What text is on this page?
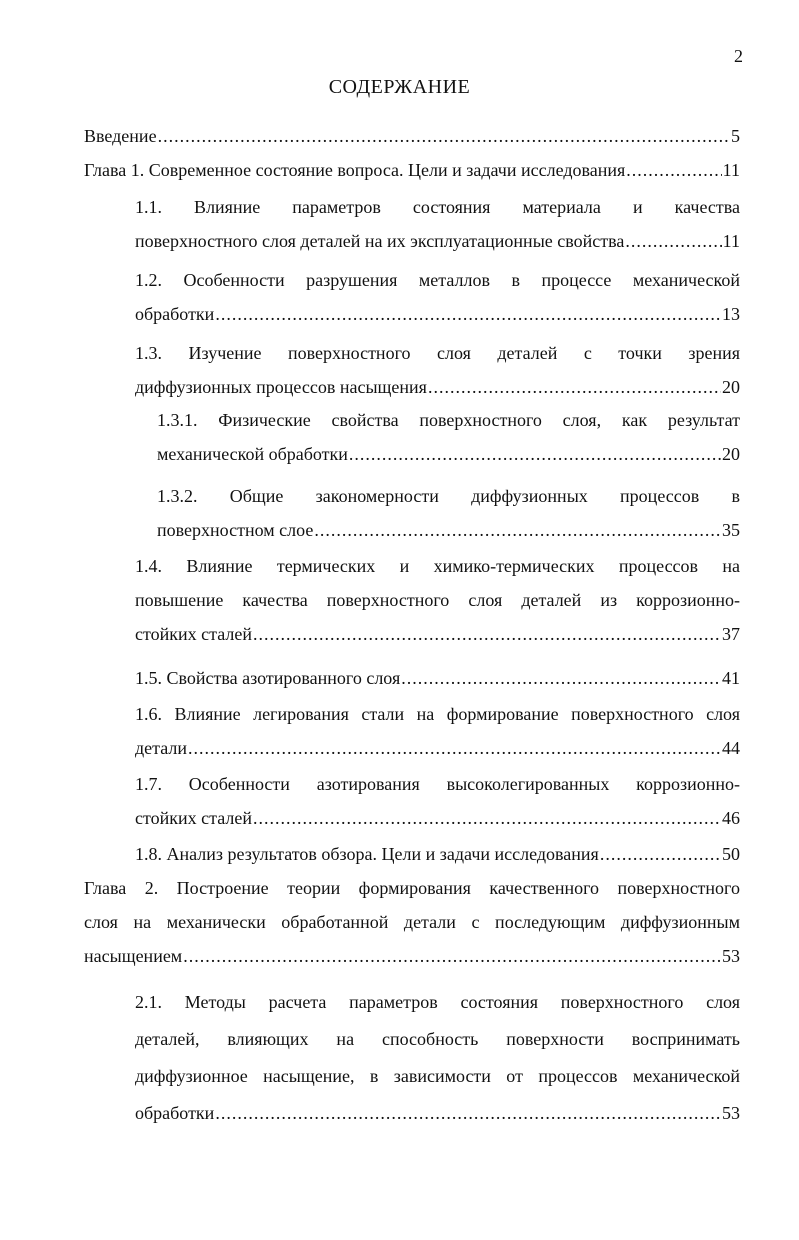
2
СОДЕРЖАНИЕ
Введение .....	5
Глава 1. Современное состояние вопроса. Цели и задачи исследования .....	11
1.1. Влияние параметров состояния материала и качества
поверхностного слоя деталей на их эксплуатационные свойства .....	11
1.2. Особенности разрушения металлов в процессе механической
обработки .....	13
1.3. Изучение поверхностного слоя деталей с точки зрения
диффузионных процессов насыщения .....	20
1.3.1. Физические свойства поверхностного слоя, как результат
механической обработки .....	20
1.3.2. Общие закономерности диффузионных процессов в
поверхностном слое .....	35
1.4. Влияние термических и химико-термических процессов на
повышение качества поверхностного слоя деталей из коррозионно-
стойких сталей .....	37
1.5. Свойства азотированного слоя .....	41
1.6. Влияние легирования стали на формирование поверхностного слоя
детали .....	44
1.7. Особенности азотирования высоколегированных коррозионно-
стойких сталей .....	46
1.8. Анализ результатов обзора. Цели и задачи исследования .....	50
Глава 2. Построение теории формирования качественного поверхностного
слоя на механически обработанной детали с последующим диффузионным
насыщением .....	53
2.1. Методы расчета параметров состояния поверхностного слоя
деталей, влияющих на способность поверхности воспринимать
диффузионное насыщение, в зависимости от процессов механической
обработки .....	53
